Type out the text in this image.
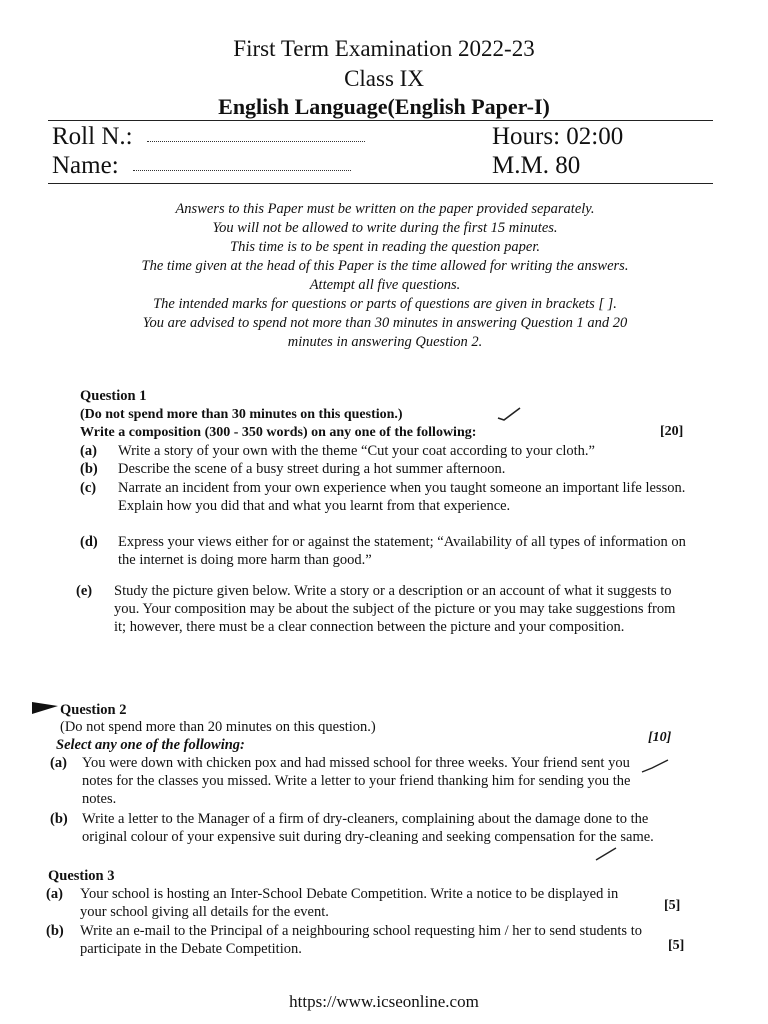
First Term Examination 2022-23
Class IX
English Language(English Paper-I)
Roll N.:	Hours: 02:00
Name:	M.M. 80
Answers to this Paper must be written on the paper provided separately.
You will not be allowed to write during the first 15 minutes.
This time is to be spent in reading the question paper.
The time given at the head of this Paper is the time allowed for writing the answers.
Attempt all five questions.
The intended marks for questions or parts of questions are given in brackets [ ].
You are advised to spend not more than 30 minutes in answering Question 1 and 20
minutes in answering Question 2.
Question 1
(Do not spend more than 30 minutes on this question.)
Write a composition (300 - 350 words) on any one of the following:	[20]
(a) Write a story of your own with the theme “Cut your coat according to your cloth.”
(b) Describe the scene of a busy street during a hot summer afternoon.
(c) Narrate an incident from your own experience when you taught someone an important life lesson. Explain how you did that and what you learnt from that experience.
(d) Express your views either for or against the statement; “Availability of all types of information on the internet is doing more harm than good.”
(e) Study the picture given below. Write a story or a description or an account of what it suggests to you. Your composition may be about the subject of the picture or you may take suggestions from it; however, there must be a clear connection between the picture and your composition.
Question 2
(Do not spend more than 20 minutes on this question.)
Select any one of the following:	[10]
(a) You were down with chicken pox and had missed school for three weeks. Your friend sent you notes for the classes you missed. Write a letter to your friend thanking him for sending you the notes.
(b) Write a letter to the Manager of a firm of dry-cleaners, complaining about the damage done to the original colour of your expensive suit during dry-cleaning and seeking compensation for the same.
Question 3
(a) Your school is hosting an Inter-School Debate Competition. Write a notice to be displayed in your school giving all details for the event.	[5]
(b) Write an e-mail to the Principal of a neighbouring school requesting him / her to send students to participate in the Debate Competition.	[5]
https://www.icseonline.com
